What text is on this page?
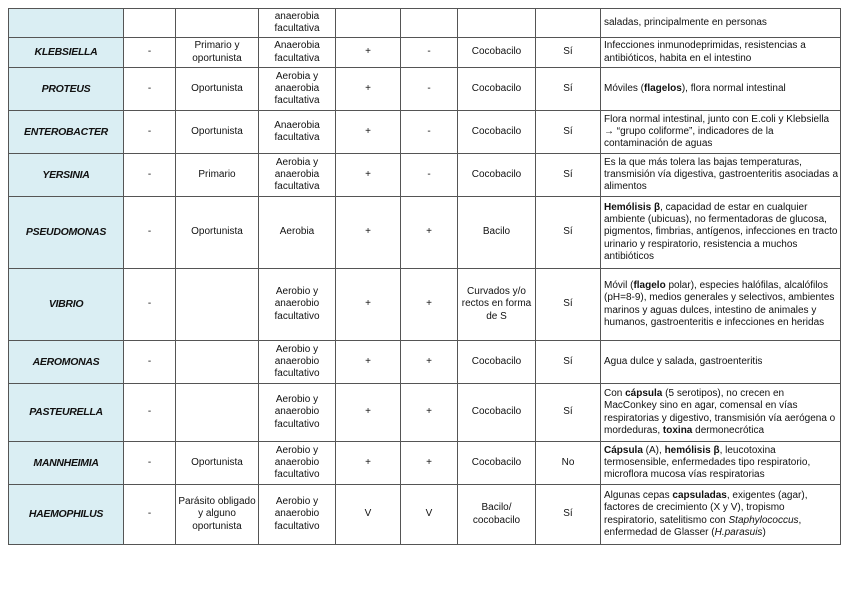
			anaerobia facultativa					saladas, principalmente en personas
KLEBSIELLA	-	Primario y oportunista	Anaerobia facultativa	+	-	Cocobacilo	Sí	Infecciones inmunodeprimidas, resistencias a antibióticos, habita en el intestino
PROTEUS	-	Oportunista	Aerobia y anaerobia facultativa	+	-	Cocobacilo	Sí	Móviles (flagelos), flora normal intestinal
ENTEROBACTER	-	Oportunista	Anaerobia facultativa	+	-	Cocobacilo	Sí	Flora normal intestinal, junto con E.coli y Klebsiella → “grupo coliforme”, indicadores de la contaminación de aguas
YERSINIA	-	Primario	Aerobia y anaerobia facultativa	+	-	Cocobacilo	Sí	Es la que más tolera las bajas temperaturas, transmisión vía digestiva, gastroenteritis asociadas a alimentos
PSEUDOMONAS	-	Oportunista	Aerobia	+	+	Bacilo	Sí	Hemólisis β, capacidad de estar en cualquier ambiente (ubicuas), no fermentadoras de glucosa, pigmentos, fimbrias, antígenos, infecciones en tracto urinario y respiratorio, resistencia a muchos antibióticos
VIBRIO	-		Aerobio y anaerobio facultativo	+	+	Curvados y/o rectos en forma de S	Sí	Móvil (flagelo polar), especies halófilas, alcalófilos (pH=8-9), medios generales y selectivos, ambientes marinos y aguas dulces, intestino de animales y humanos, gastroenteritis e infecciones en heridas
AEROMONAS	-		Aerobio y anaerobio facultativo	+	+	Cocobacilo	Sí	Agua dulce y salada, gastroenteritis
PASTEURELLA	-		Aerobio y anaerobio facultativo	+	+	Cocobacilo	Sí	Con cápsula (5 serotipos), no crecen en MacConkey sino en agar, comensal en vías respiratorias y digestivo, transmisión vía aerógena o mordeduras, toxina dermonecrótica
MANNHEIMIA	-	Oportunista	Aerobio y anaerobio facultativo	+	+	Cocobacilo	No	Cápsula (A), hemólisis β, leucotoxina termosensible, enfermedades tipo respiratorio, microflora mucosa vías respiratorias
HAEMOPHILUS	-	Parásito obligado y alguno oportunista	Aerobio y anaerobio facultativo	V	V	Bacilo/ cocobacilo	Sí	Algunas cepas capsuladas, exigentes (agar), factores de crecimiento (X y V), tropismo respiratorio, satelitismo con Staphylococcus, enfermedad de Glasser (H.parasuis)
